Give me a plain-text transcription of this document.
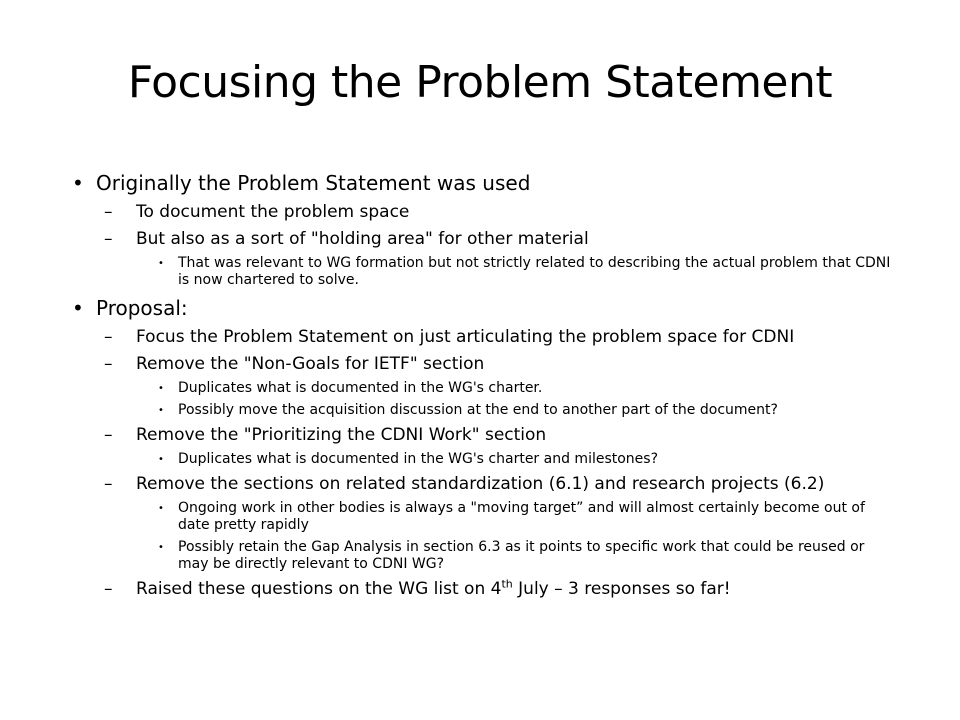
Focusing the Problem Statement
• Originally the Problem Statement was used
– To document the problem space
– But also as a sort of "holding area" for other material
• That was relevant to WG formation but not strictly related to describing the actual problem that CDNI is now chartered to solve.
• Proposal:
– Focus the Problem Statement on just articulating the problem space for CDNI
– Remove the "Non-Goals for IETF" section
• Duplicates what is documented in the WG's charter.
• Possibly move the acquisition discussion at the end to another part of the document?
– Remove the "Prioritizing the CDNI Work" section
• Duplicates what is documented in the WG's charter and milestones?
– Remove the sections on related standardization (6.1) and research projects (6.2)
• Ongoing work in other bodies is always a "moving target” and will almost certainly become out of date pretty rapidly
• Possibly retain the Gap Analysis in section 6.3 as it points to specific work that could be reused or may be directly relevant to CDNI WG?
– Raised these questions on the WG list on 4th July – 3 responses so far!
